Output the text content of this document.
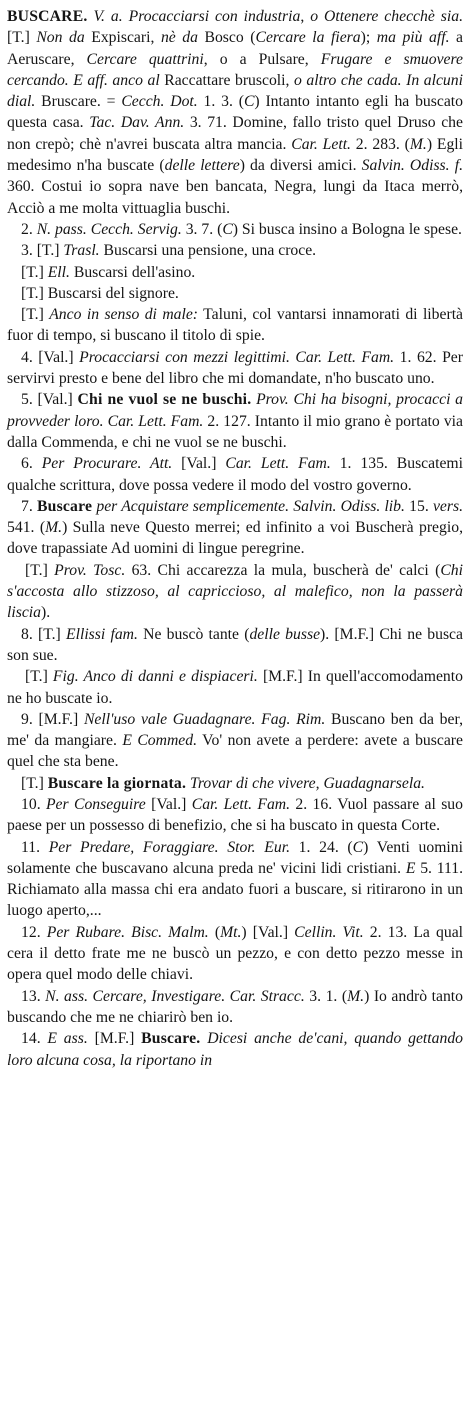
BUSCARE. V. a. Procacciarsi con industria, o Ottenere checchè sia. [T.] Non da Expiscari, nè da Bosco (Cercare la fiera); ma più aff. a Aeruscare, Cercare quattrini, o a Pulsare, Frugare e smuovere cercando. E aff. anco al Raccattare bruscoli, o altro che cada. In alcuni dial. Bruscare. = Cecch. Dot. 1. 3. (C) Intanto intanto egli ha buscato questa casa. Tac. Dav. Ann. 3. 71. Domine, fallo tristo quel Druso che non crepò; chè n'avrei buscata altra mancia. Car. Lett. 2. 283. (M.) Egli medesimo n'ha buscate (delle lettere) da diversi amici. Salvin. Odiss. f. 360. Costui io sopra nave ben bancata, Negra, lungi da Itaca merrò, Acciò a me molta vittuaglia buschi.

2. N. pass. Cecch. Servig. 3. 7. (C) Si busca insino a Bologna le spese.

3. [T.] Trasl. Buscarsi una pensione, una croce.

[T.] Ell. Buscarsi dell'asino.

[T.] Buscarsi del signore.

[T.] Anco in senso di male: Taluni, col vantarsi innamorati di libertà fuor di tempo, si buscano il titolo di spie.

4. [Val.] Procacciarsi con mezzi legittimi. Car. Lett. Fam. 1. 62. Per servirvi presto e bene del libro che mi domandate, n'ho buscato uno.

5. [Val.] Chi ne vuol se ne buschi. Prov. Chi ha bisogni, procacci a provveder loro. Car. Lett. Fam. 2. 127. Intanto il mio grano è portato via dalla Commenda, e chi ne vuol se ne buschi.

6. Per Procurare. Att. [Val.] Car. Lett. Fam. 1. 135. Buscatemi qualche scrittura, dove possa vedere il modo del vostro governo.

7. Buscare per Acquistare semplicemente. Salvin. Odiss. lib. 15. vers. 541. (M.) Sulla neve Questo merrei; ed infinito a voi Buscherà pregio, dove trapassiate Ad uomini di lingue peregrine.

[T.] Prov. Tosc. 63. Chi accarezza la mula, buscherà de' calci (Chi s'accosta allo stizzoso, al capriccioso, al malefico, non la passerà liscia).

8. [T.] Ellissi fam. Ne buscò tante (delle busse). [M.F.] Chi ne busca son sue.

[T.] Fig. Anco di danni e dispiaceri. [M.F.] In quell'accomodamento ne ho buscate io.

9. [M.F.] Nell'uso vale Guadagnare. Fag. Rim. Buscano ben da ber, me' da mangiare. E Commed. Vo' non avete a perdere: avete a buscare quel che sta bene.

[T.] Buscare la giornata. Trovar di che vivere, Guadagnarsela.

10. Per Conseguire [Val.] Car. Lett. Fam. 2. 16. Vuol passare al suo paese per un possesso di benefizio, che si ha buscato in questa Corte.

11. Per Predare, Foraggiare. Stor. Eur. 1. 24. (C) Venti uomini solamente che buscavano alcuna preda ne' vicini lidi cristiani. E 5. 111. Richiamato alla massa chi era andato fuori a buscare, si ritirarono in un luogo aperto,...

12. Per Rubare. Bisc. Malm. (Mt.) [Val.] Cellin. Vit. 2. 13. La qual cera il detto frate me ne buscò un pezzo, e con detto pezzo messe in opera quel modo delle chiavi.

13. N. ass. Cercare, Investigare. Car. Stracc. 3. 1. (M.) Io andrò tanto buscando che me ne chiarirò ben io.

14. E ass. [M.F.] Buscare. Dicesi anche de'cani, quando gettando loro alcuna cosa, la riportano in
